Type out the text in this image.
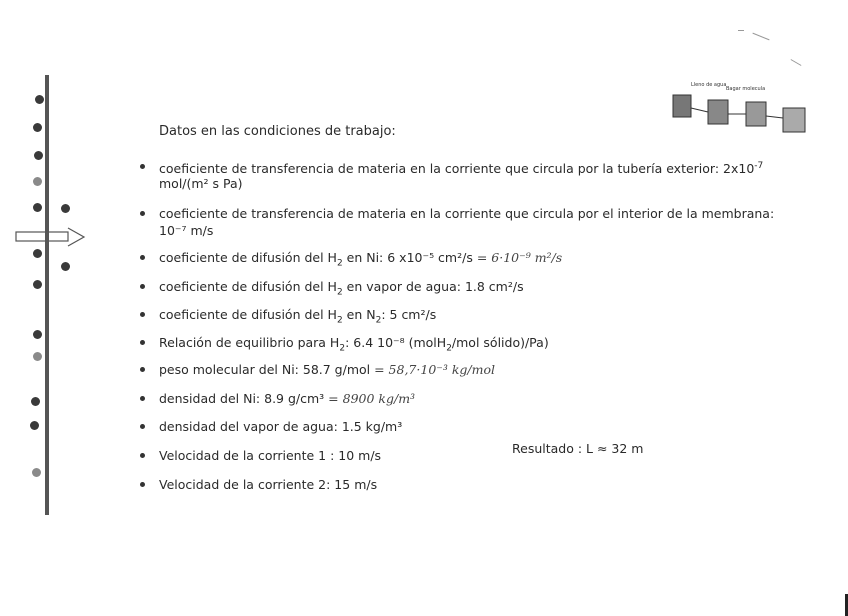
Lleno de agua
Bagar molecula
Datos en las condiciones de trabajo:
coeficiente de transferencia de materia en la corriente que circula por la tubería exterior: $2x10^{-7}$
mol/(m² s Pa)
coeficiente de transferencia de materia en la corriente que circula por el interior de la membrana:
10⁻⁷ m/s
coeficiente de difusión del $H_2$ en Ni: 6 x10⁻⁵ cm²/s = 6·10⁻⁹ m²/s
coeficiente de difusión del $H_2$ en vapor de agua: 1.8 cm²/s
coeficiente de difusión del $H_2$ en $N_2$: 5 cm²/s
Relación de equilibrio para $H_2$: 6.4 10⁻⁸ (molH$_2$/mol sólido)/Pa)
peso molecular del Ni: 58.7 g/mol = 58,7·10⁻³ kg/mol
densidad del Ni: 8.9 g/cm³ = 8900 kg/m³
densidad del vapor de agua: 1.5 kg/m³
Velocidad de la corriente 1 : 10 m/s
Velocidad de la corriente 2: 15 m/s
Resultado : L ≈ 32 m
